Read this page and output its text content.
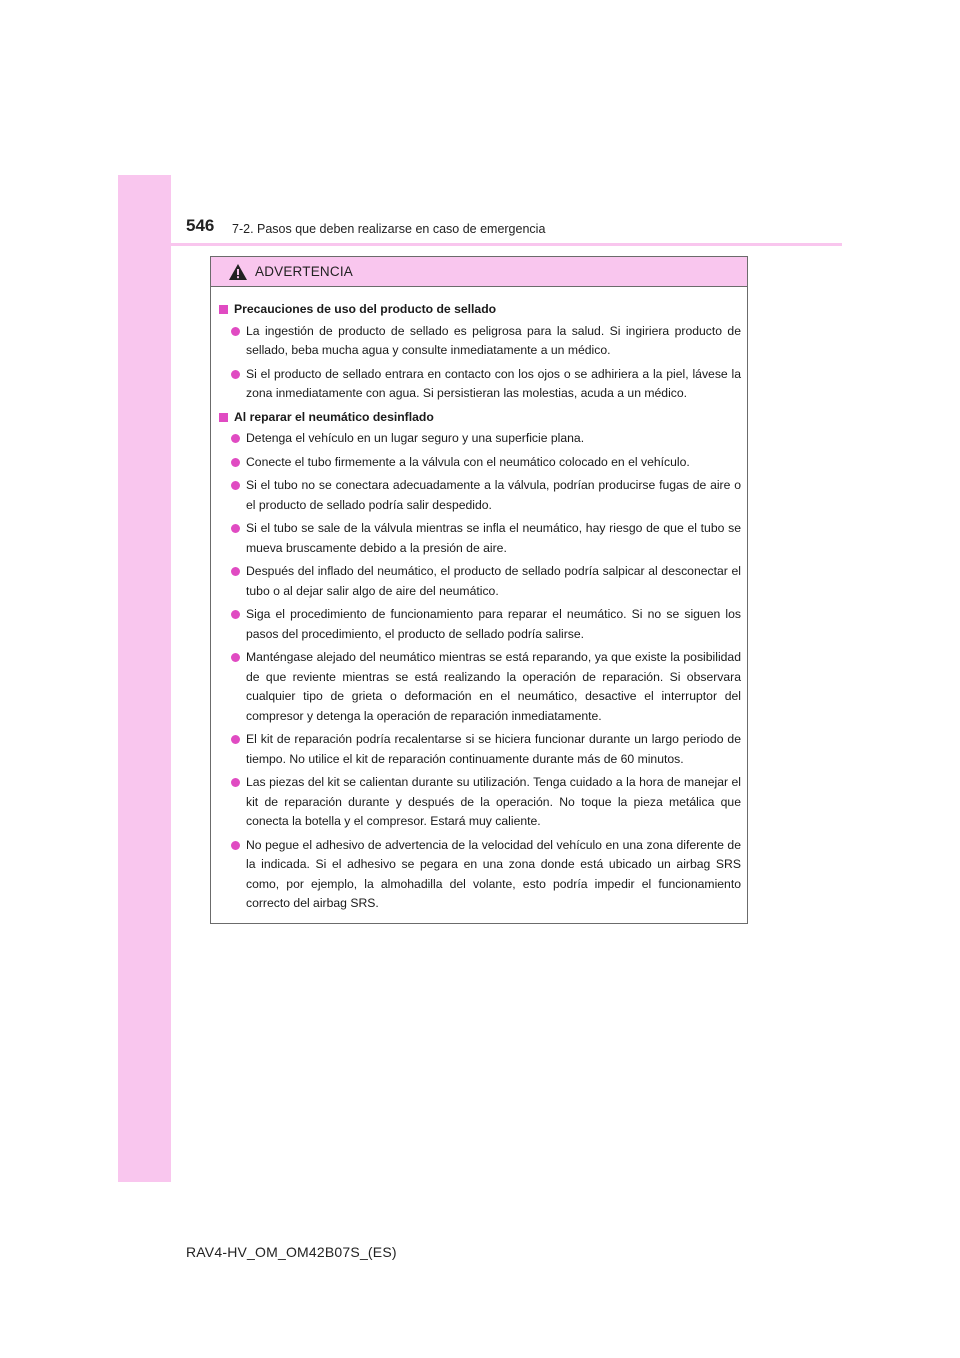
546 7-2. Pasos que deben realizarse en caso de emergencia
ADVERTENCIA
Precauciones de uso del producto de sellado
La ingestión de producto de sellado es peligrosa para la salud. Si ingiriera producto de sellado, beba mucha agua y consulte inmediatamente a un médico.
Si el producto de sellado entrara en contacto con los ojos o se adhiriera a la piel, lávese la zona inmediatamente con agua. Si persistieran las molestias, acuda a un médico.
Al reparar el neumático desinflado
Detenga el vehículo en un lugar seguro y una superficie plana.
Conecte el tubo firmemente a la válvula con el neumático colocado en el vehículo.
Si el tubo no se conectara adecuadamente a la válvula, podrían producirse fugas de aire o el producto de sellado podría salir despedido.
Si el tubo se sale de la válvula mientras se infla el neumático, hay riesgo de que el tubo se mueva bruscamente debido a la presión de aire.
Después del inflado del neumático, el producto de sellado podría salpicar al desconectar el tubo o al dejar salir algo de aire del neumático.
Siga el procedimiento de funcionamiento para reparar el neumático. Si no se siguen los pasos del procedimiento, el producto de sellado podría salirse.
Manténgase alejado del neumático mientras se está reparando, ya que existe la posibilidad de que reviente mientras se está realizando la operación de reparación. Si observara cualquier tipo de grieta o deformación en el neumático, desactive el interruptor del compresor y detenga la operación de reparación inmediatamente.
El kit de reparación podría recalentarse si se hiciera funcionar durante un largo periodo de tiempo. No utilice el kit de reparación continuamente durante más de 60 minutos.
Las piezas del kit se calientan durante su utilización. Tenga cuidado a la hora de manejar el kit de reparación durante y después de la operación. No toque la pieza metálica que conecta la botella y el compresor. Estará muy caliente.
No pegue el adhesivo de advertencia de la velocidad del vehículo en una zona diferente de la indicada. Si el adhesivo se pegara en una zona donde está ubicado un airbag SRS como, por ejemplo, la almohadilla del volante, esto podría impedir el funcionamiento correcto del airbag SRS.
RAV4-HV_OM_OM42B07S_(ES)
